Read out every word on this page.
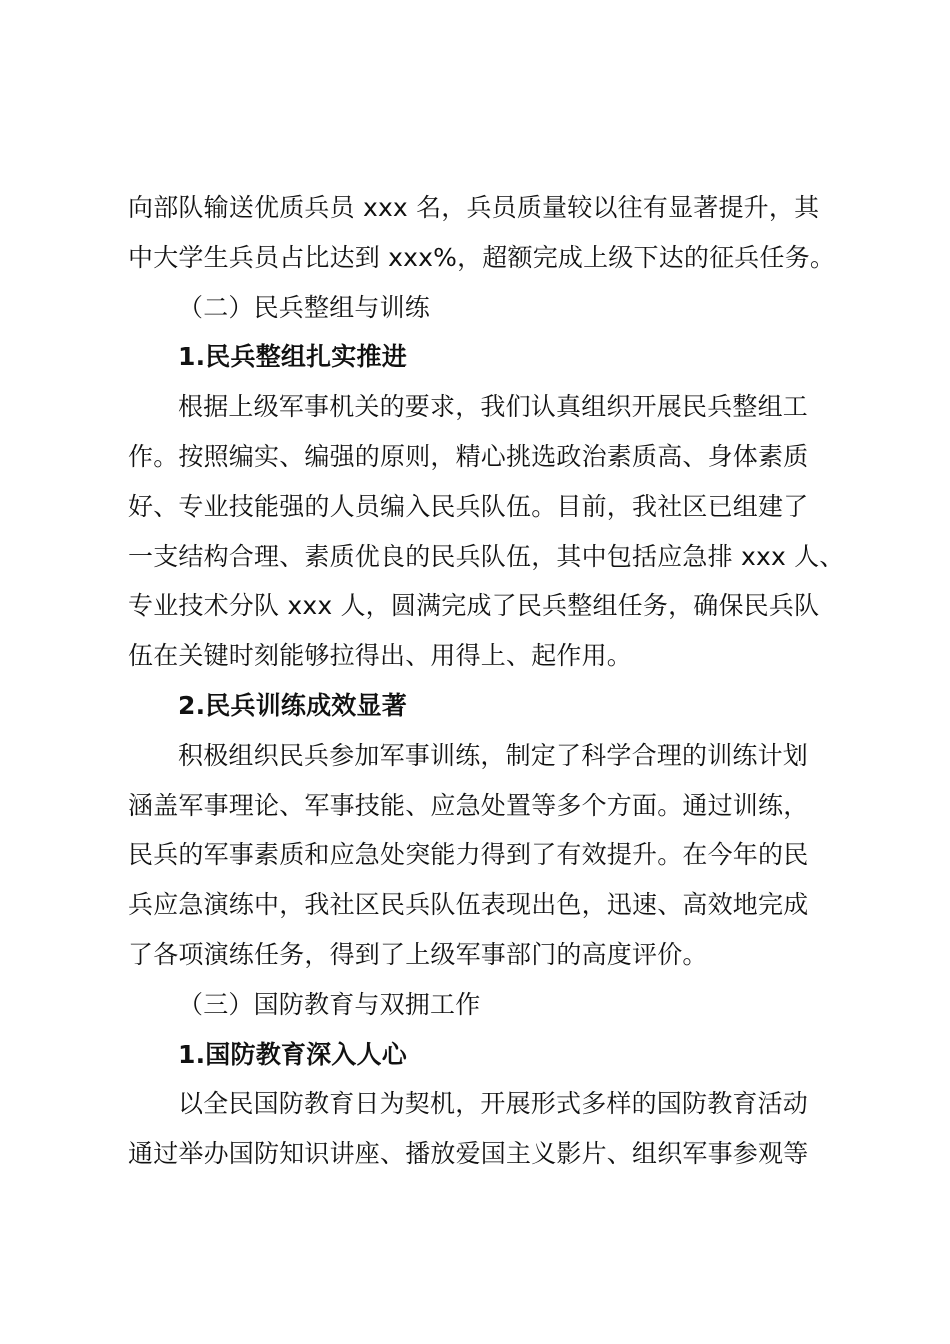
向部队输送优质兵员 xxx 名，兵员质量较以往有显著提升，其
中大学生兵员占比达到 xxx%，超额完成上级下达的征兵任务。
（二）民兵整组与训练
1.民兵整组扎实推进
根据上级军事机关的要求，我们认真组织开展民兵整组工
作。按照编实、编强的原则，精心挑选政治素质高、身体素质
好、专业技能强的人员编入民兵队伍。目前，我社区已组建了
一支结构合理、素质优良的民兵队伍，其中包括应急排 xxx 人、
专业技术分队 xxx 人，圆满完成了民兵整组任务，确保民兵队
伍在关键时刻能够拉得出、用得上、起作用。
2.民兵训练成效显著
积极组织民兵参加军事训练，制定了科学合理的训练计划
涵盖军事理论、军事技能、应急处置等多个方面。通过训练，
民兵的军事素质和应急处突能力得到了有效提升。在今年的民
兵应急演练中，我社区民兵队伍表现出色，迅速、高效地完成
了各项演练任务，得到了上级军事部门的高度评价。
（三）国防教育与双拥工作
1.国防教育深入人心
以全民国防教育日为契机，开展形式多样的国防教育活动
通过举办国防知识讲座、播放爱国主义影片、组织军事参观等
